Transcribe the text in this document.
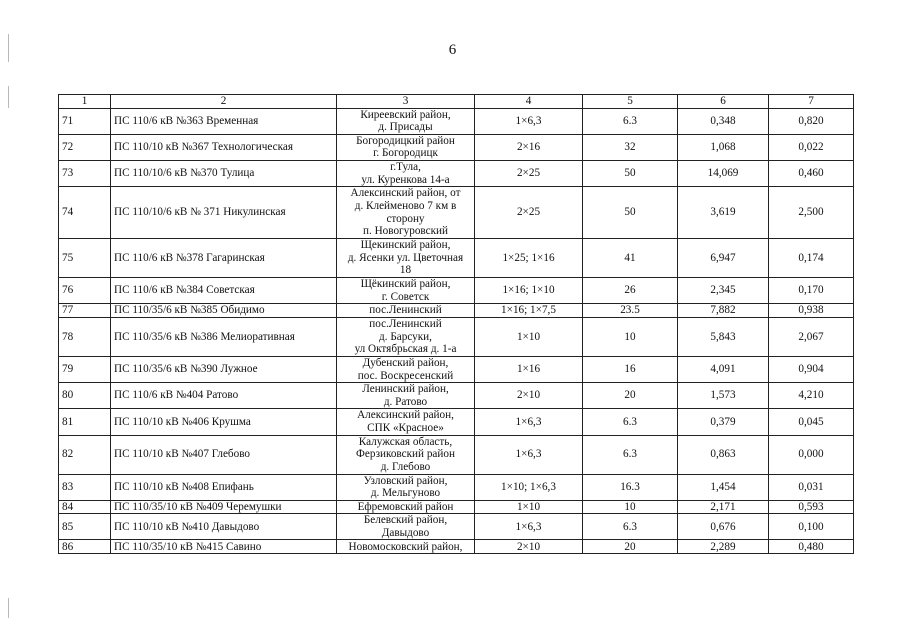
6
1	2	3	4	5	6	7
71	ПС 110/6 кВ №363 Временная	Киреевский район,
д. Присады	1×6,3	6.3	0,348	0,820
72	ПС 110/10 кВ №367 Технологическая	Богородицкий район
г. Богородицк	2×16	32	1,068	0,022
73	ПС 110/10/6 кВ №370 Тулица	г.Тула,
ул. Куренкова 14-а	2×25	50	14,069	0,460
74	ПС 110/10/6 кВ № 371 Никулинская	Алексинский район, от
д. Клейменово 7 км в
сторону
п. Новогуровский	2×25	50	3,619	2,500
75	ПС 110/6 кВ №378 Гагаринская	Щекинский район,
д. Ясенки ул. Цветочная
18	1×25; 1×16	41	6,947	0,174
76	ПС 110/6 кВ №384 Советская	Щёкинский район,
г. Советск	1×16; 1×10	26	2,345	0,170
77	ПС 110/35/6 кВ №385 Обидимо	пос.Ленинский	1×16; 1×7,5	23.5	7,882	0,938
78	ПС 110/35/6 кВ №386 Мелиоративная	пос.Ленинский
д. Барсуки,
ул Октябрьская д. 1-а	1×10	10	5,843	2,067
79	ПС 110/35/6 кВ №390 Лужное	Дубенский район,
пос. Воскресенский	1×16	16	4,091	0,904
80	ПС 110/6 кВ №404 Ратово	Ленинский район,
д. Ратово	2×10	20	1,573	4,210
81	ПС 110/10 кВ №406 Крушма	Алексинский район,
СПК «Красное»	1×6,3	6.3	0,379	0,045
82	ПС 110/10 кВ №407 Глебово	Калужская область,
Ферзиковский район
д. Глебово	1×6,3	6.3	0,863	0,000
83	ПС 110/10 кВ №408 Епифань	Узловский район,
д. Мельгуново	1×10; 1×6,3	16.3	1,454	0,031
84	ПС 110/35/10 кВ №409 Черемушки	Ефремовский район	1×10	10	2,171	0,593
85	ПС 110/10 кВ №410 Давыдово	Белевский район,
Давыдово	1×6,3	6.3	0,676	0,100
86	ПС 110/35/10 кВ №415 Савино	Новомосковский район,	2×10	20	2,289	0,480
